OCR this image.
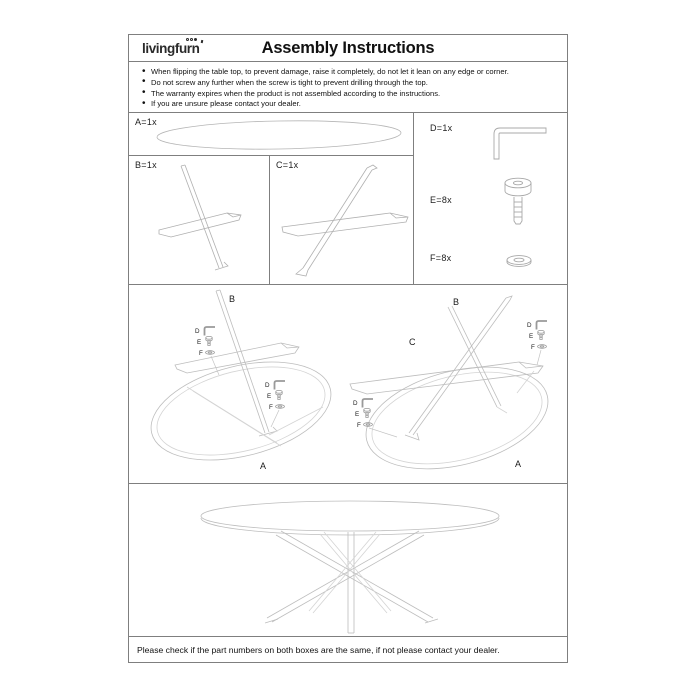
livingfurn	Assembly Instructions
• When flipping the table top, to prevent damage, raise it completely, do not let it lean on any edge or corner.
• Do not screw any further when the screw is tight to prevent drilling through the top.
• The warranty expires when the product is not assembled according to the instructions.
• If you are unsure please contact your dealer.
A=1x
B=1x	C=1x
D=1x
E=8x
F=8x
B
A
D
E
F
D
E
F
B
C
A
D
E
F
D
E
F
Please check if the part numbers on both boxes are the same, if not please contact your dealer.
